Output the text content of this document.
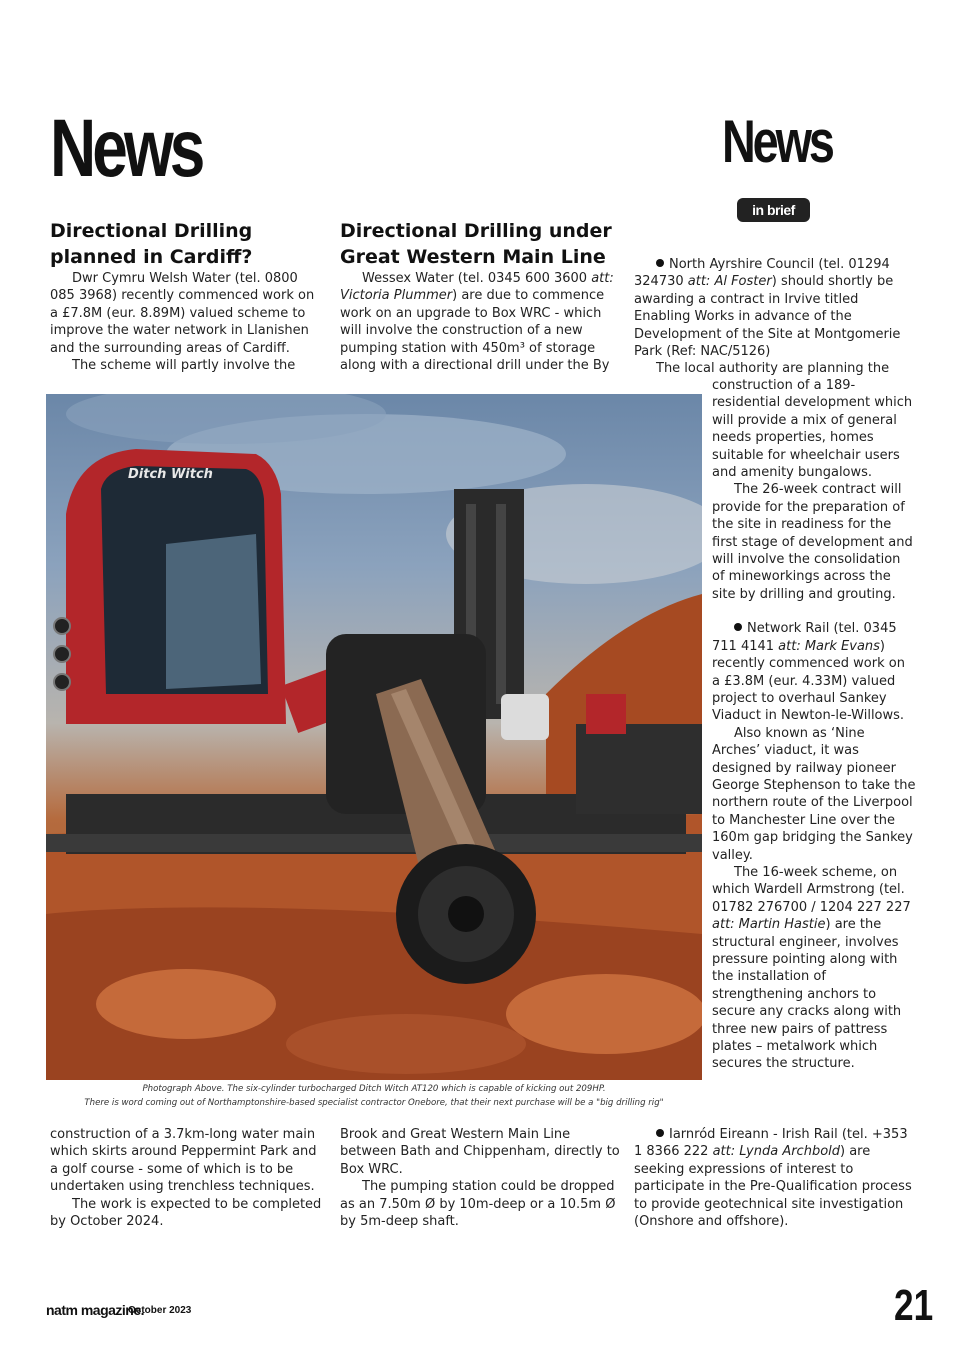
News	News
in brief
Directional Drilling planned in Cardiff?

Dwr Cymru Welsh Water (tel. 0800 085 3968) recently commenced work on a £7.8M (eur. 8.89M) valued scheme to improve the water network in Llanishen and the surrounding areas of Cardiff.

The scheme will partly involve the

Directional Drilling under Great Western Main Line

Wessex Water (tel. 0345 600 3600 att: Victoria Plummer) are due to commence work on an upgrade to Box WRC - which will involve the construction of a new pumping station with 450m³ of storage along with a directional drill under the By

North Ayrshire Council (tel. 01294 324730 att: Al Foster) should shortly be awarding a contract in Irvive titled Enabling Works in advance of the Development of the Site at Montgomerie Park (Ref: NAC/5126)

The local authority are planning the

construction of a 189-residential development which will provide a mix of general needs properties, homes suitable for wheelchair users and amenity bungalows.

The 26-week contract will provide for the preparation of the site in readiness for the first stage of development and will involve the consolidation of mineworkings across the site by drilling and grouting.

Network Rail (tel. 0345 711 4141 att: Mark Evans) recently commenced work on a £3.8M (eur. 4.33M) valued project to overhaul Sankey Viaduct in Newton-le-Willows.

Also known as ‘Nine Arches’ viaduct, it was designed by railway pioneer George Stephenson to take the northern route of the Liverpool to Manchester Line over the 160m gap bridging the Sankey valley.

The 16-week scheme, on which Wardell Armstrong (tel. 01782 276700 / 1204 227 227 att: Martin Hastie) are the structural engineer, involves pressure pointing along with the installation of strengthening anchors to secure any cracks along with three new pairs of pattress plates – metalwork which secures the structure.

Ditch Witch
Photograph Above. The six-cylinder turbocharged Ditch Witch AT120 which is capable of kicking out 209HP.
There is word coming out of Northamptonshire-based specialist contractor Onebore, that their next purchase will be a "big drilling rig"

construction of a 3.7km-long water main which skirts around Peppermint Park and a golf course - some of which is to be undertaken using trenchless techniques.

The work is expected to be completed by October 2024.

Brook and Great Western Main Line between Bath and Chippenham, directly to Box WRC.

The pumping station could be dropped as an 7.50m Ø by 10m-deep or a 10.5m Ø by 5m-deep shaft.

Iarnród Eireann - Irish Rail (tel. +353 1 8366 222 att: Lynda Archbold) are seeking expressions of interest to participate in the Pre-Qualification process to provide geotechnical site investigation (Onshore and offshore).

natm magazine.
October 2023	21
